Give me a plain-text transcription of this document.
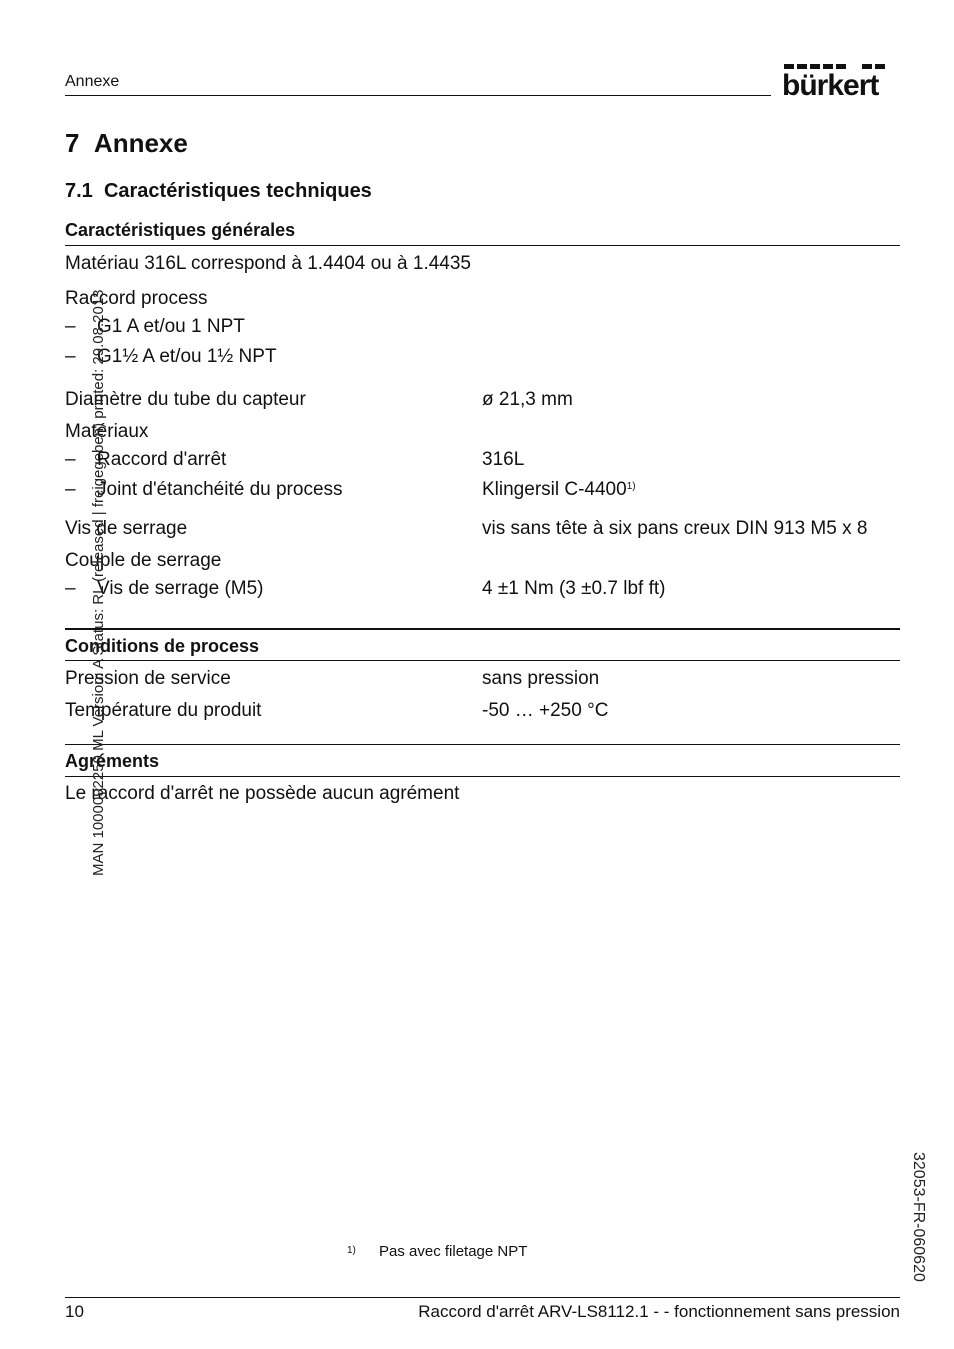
Annexe	bürkert
7 Annexe
7.1 Caractéristiques techniques
Caractéristiques générales
Matériau 316L correspond à 1.4404 ou à 1.4435
Raccord process
– G1 A et/ou 1 NPT
– G1½ A et/ou 1½ NPT
Diamètre du tube du capteur	ø 21,3 mm
Matériaux
– Raccord d'arrêt	316L
– Joint d'étanchéité du process	Klingersil C-4400$^{1)}$
Vis de serrage	vis sans tête à six pans creux DIN 913 M5 x 8
Couple de serrage
– Vis de serrage (M5)	4 ±1 Nm (3 ±0.7 lbf ft)
Conditions de process
Pression de service	sans pression
Température du produit	-50 … +250 °C
Agréments
Le raccord d'arrêt ne possède aucun agrément
MAN 1000092259 ML Version: A Status: RL (released | freigegeben) printed: 29.08.2013
32053-FR-060620
1) Pas avec filetage NPT
10	Raccord d'arrêt ARV-LS8112.1 - - fonctionnement sans pression
